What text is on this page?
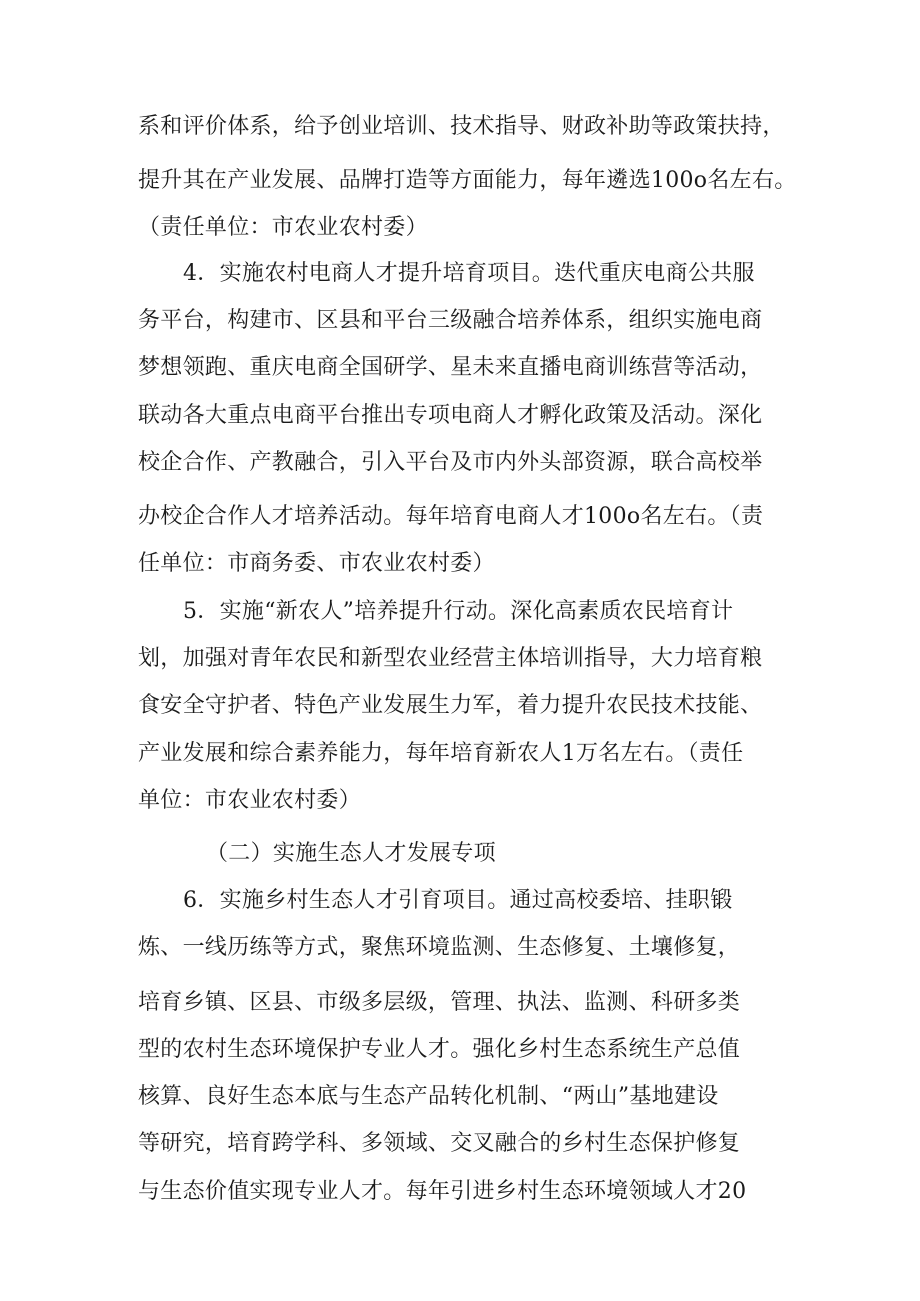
系和评价体系，给予创业培训、技术指导、财政补助等政策扶持，
提升其在产业发展、品牌打造等方面能力，每年遴选100o名左右。
（责任单位：市农业农村委）
4．实施农村电商人才提升培育项目。迭代重庆电商公共服
务平台，构建市、区县和平台三级融合培养体系，组织实施电商
梦想领跑、重庆电商全国研学、星未来直播电商训练营等活动，
联动各大重点电商平台推出专项电商人才孵化政策及活动。深化
校企合作、产教融合，引入平台及市内外头部资源，联合高校举
办校企合作人才培养活动。每年培育电商人才100o名左右。（责
任单位：市商务委、市农业农村委）
5．实施“新农人”培养提升行动。深化高素质农民培育计
划，加强对青年农民和新型农业经营主体培训指导，大力培育粮
食安全守护者、特色产业发展生力军，着力提升农民技术技能、
产业发展和综合素养能力，每年培育新农人1万名左右。（责任
单位：市农业农村委）
（二）实施生态人才发展专项
6．实施乡村生态人才引育项目。通过高校委培、挂职锻
炼、一线历练等方式，聚焦环境监测、生态修复、土壤修复，
培育乡镇、区县、市级多层级，管理、执法、监测、科研多类
型的农村生态环境保护专业人才。强化乡村生态系统生产总值
核算、良好生态本底与生态产品转化机制、“两山”基地建设
等研究，培育跨学科、多领域、交叉融合的乡村生态保护修复
与生态价值实现专业人才。每年引进乡村生态环境领域人才20
